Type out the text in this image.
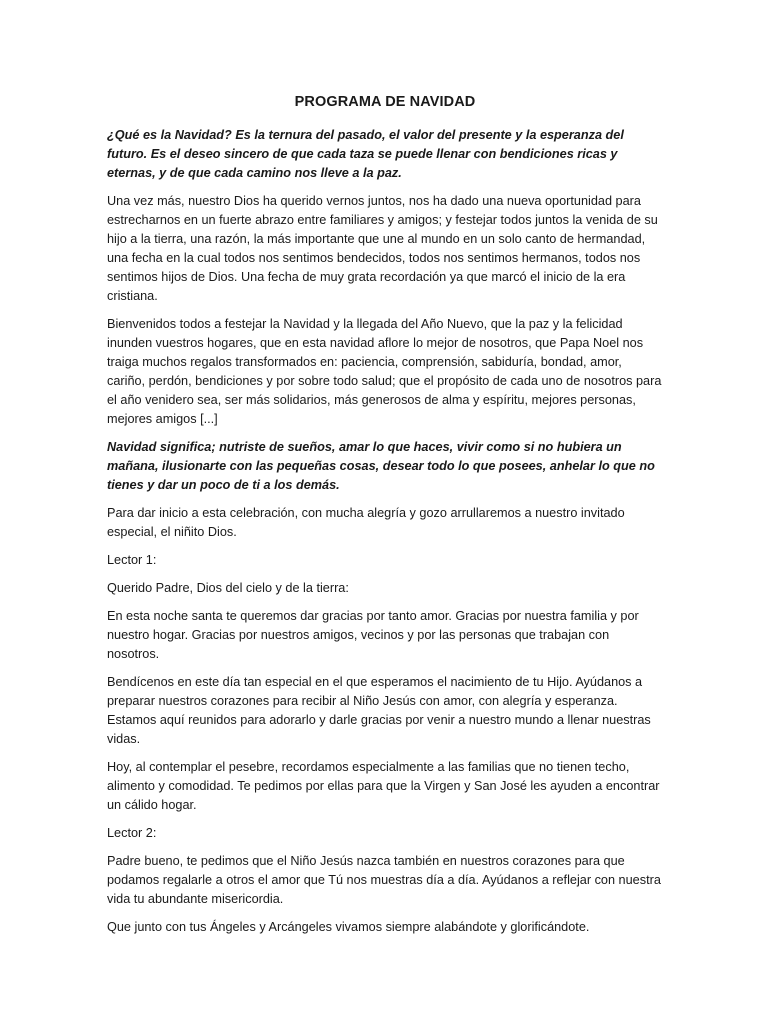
PROGRAMA DE NAVIDAD

¿Qué es la Navidad? Es la ternura del pasado, el valor del presente y la esperanza del futuro. Es el deseo sincero de que cada taza se puede llenar con bendiciones ricas y eternas, y de que cada camino nos lleve a la paz.

Una vez más, nuestro Dios ha querido vernos juntos, nos ha dado una nueva oportunidad para estrecharnos en un fuerte abrazo entre familiares y amigos; y festejar todos juntos la venida de su hijo a la tierra, una razón, la más importante que une al mundo en un solo canto de hermandad, una fecha en la cual todos nos sentimos bendecidos, todos nos sentimos hermanos, todos nos sentimos hijos de Dios. Una fecha de muy grata recordación ya que marcó el inicio de la era cristiana.

Bienvenidos todos a festejar la Navidad y la llegada del Año Nuevo, que la paz y la felicidad inunden vuestros hogares, que en esta navidad aflore lo mejor de nosotros, que Papa Noel nos traiga muchos regalos transformados en: paciencia, comprensión, sabiduría, bondad, amor, cariño, perdón, bendiciones y por sobre todo salud; que el propósito de cada uno de nosotros para el año venidero sea, ser más solidarios, más generosos de alma y espíritu, mejores personas, mejores amigos [...]

Navidad significa; nutriste de sueños, amar lo que haces, vivir como si no hubiera un mañana, ilusionarte con las pequeñas cosas, desear todo lo que posees, anhelar lo que no tienes y dar un poco de ti a los demás.

Para dar inicio a esta celebración, con mucha alegría y gozo arrullaremos a nuestro invitado especial, el niñito Dios.

Lector 1:

Querido Padre, Dios del cielo y de la tierra:

En esta noche santa te queremos dar gracias por tanto amor. Gracias por nuestra familia y por nuestro hogar. Gracias por nuestros amigos, vecinos y por las personas que trabajan con nosotros.

Bendícenos en este día tan especial en el que esperamos el nacimiento de tu Hijo. Ayúdanos a preparar nuestros corazones para recibir al Niño Jesús con amor, con alegría y esperanza. Estamos aquí reunidos para adorarlo y darle gracias por venir a nuestro mundo a llenar nuestras vidas.

Hoy, al contemplar el pesebre, recordamos especialmente a las familias que no tienen techo, alimento y comodidad. Te pedimos por ellas para que la Virgen y San José les ayuden a encontrar un cálido hogar.

Lector 2:

Padre bueno, te pedimos que el Niño Jesús nazca también en nuestros corazones para que podamos regalarle a otros el amor que Tú nos muestras día a día. Ayúdanos a reflejar con nuestra vida tu abundante misericordia.

Que junto con tus Ángeles y Arcángeles vivamos siempre alabándote y glorificándote.
